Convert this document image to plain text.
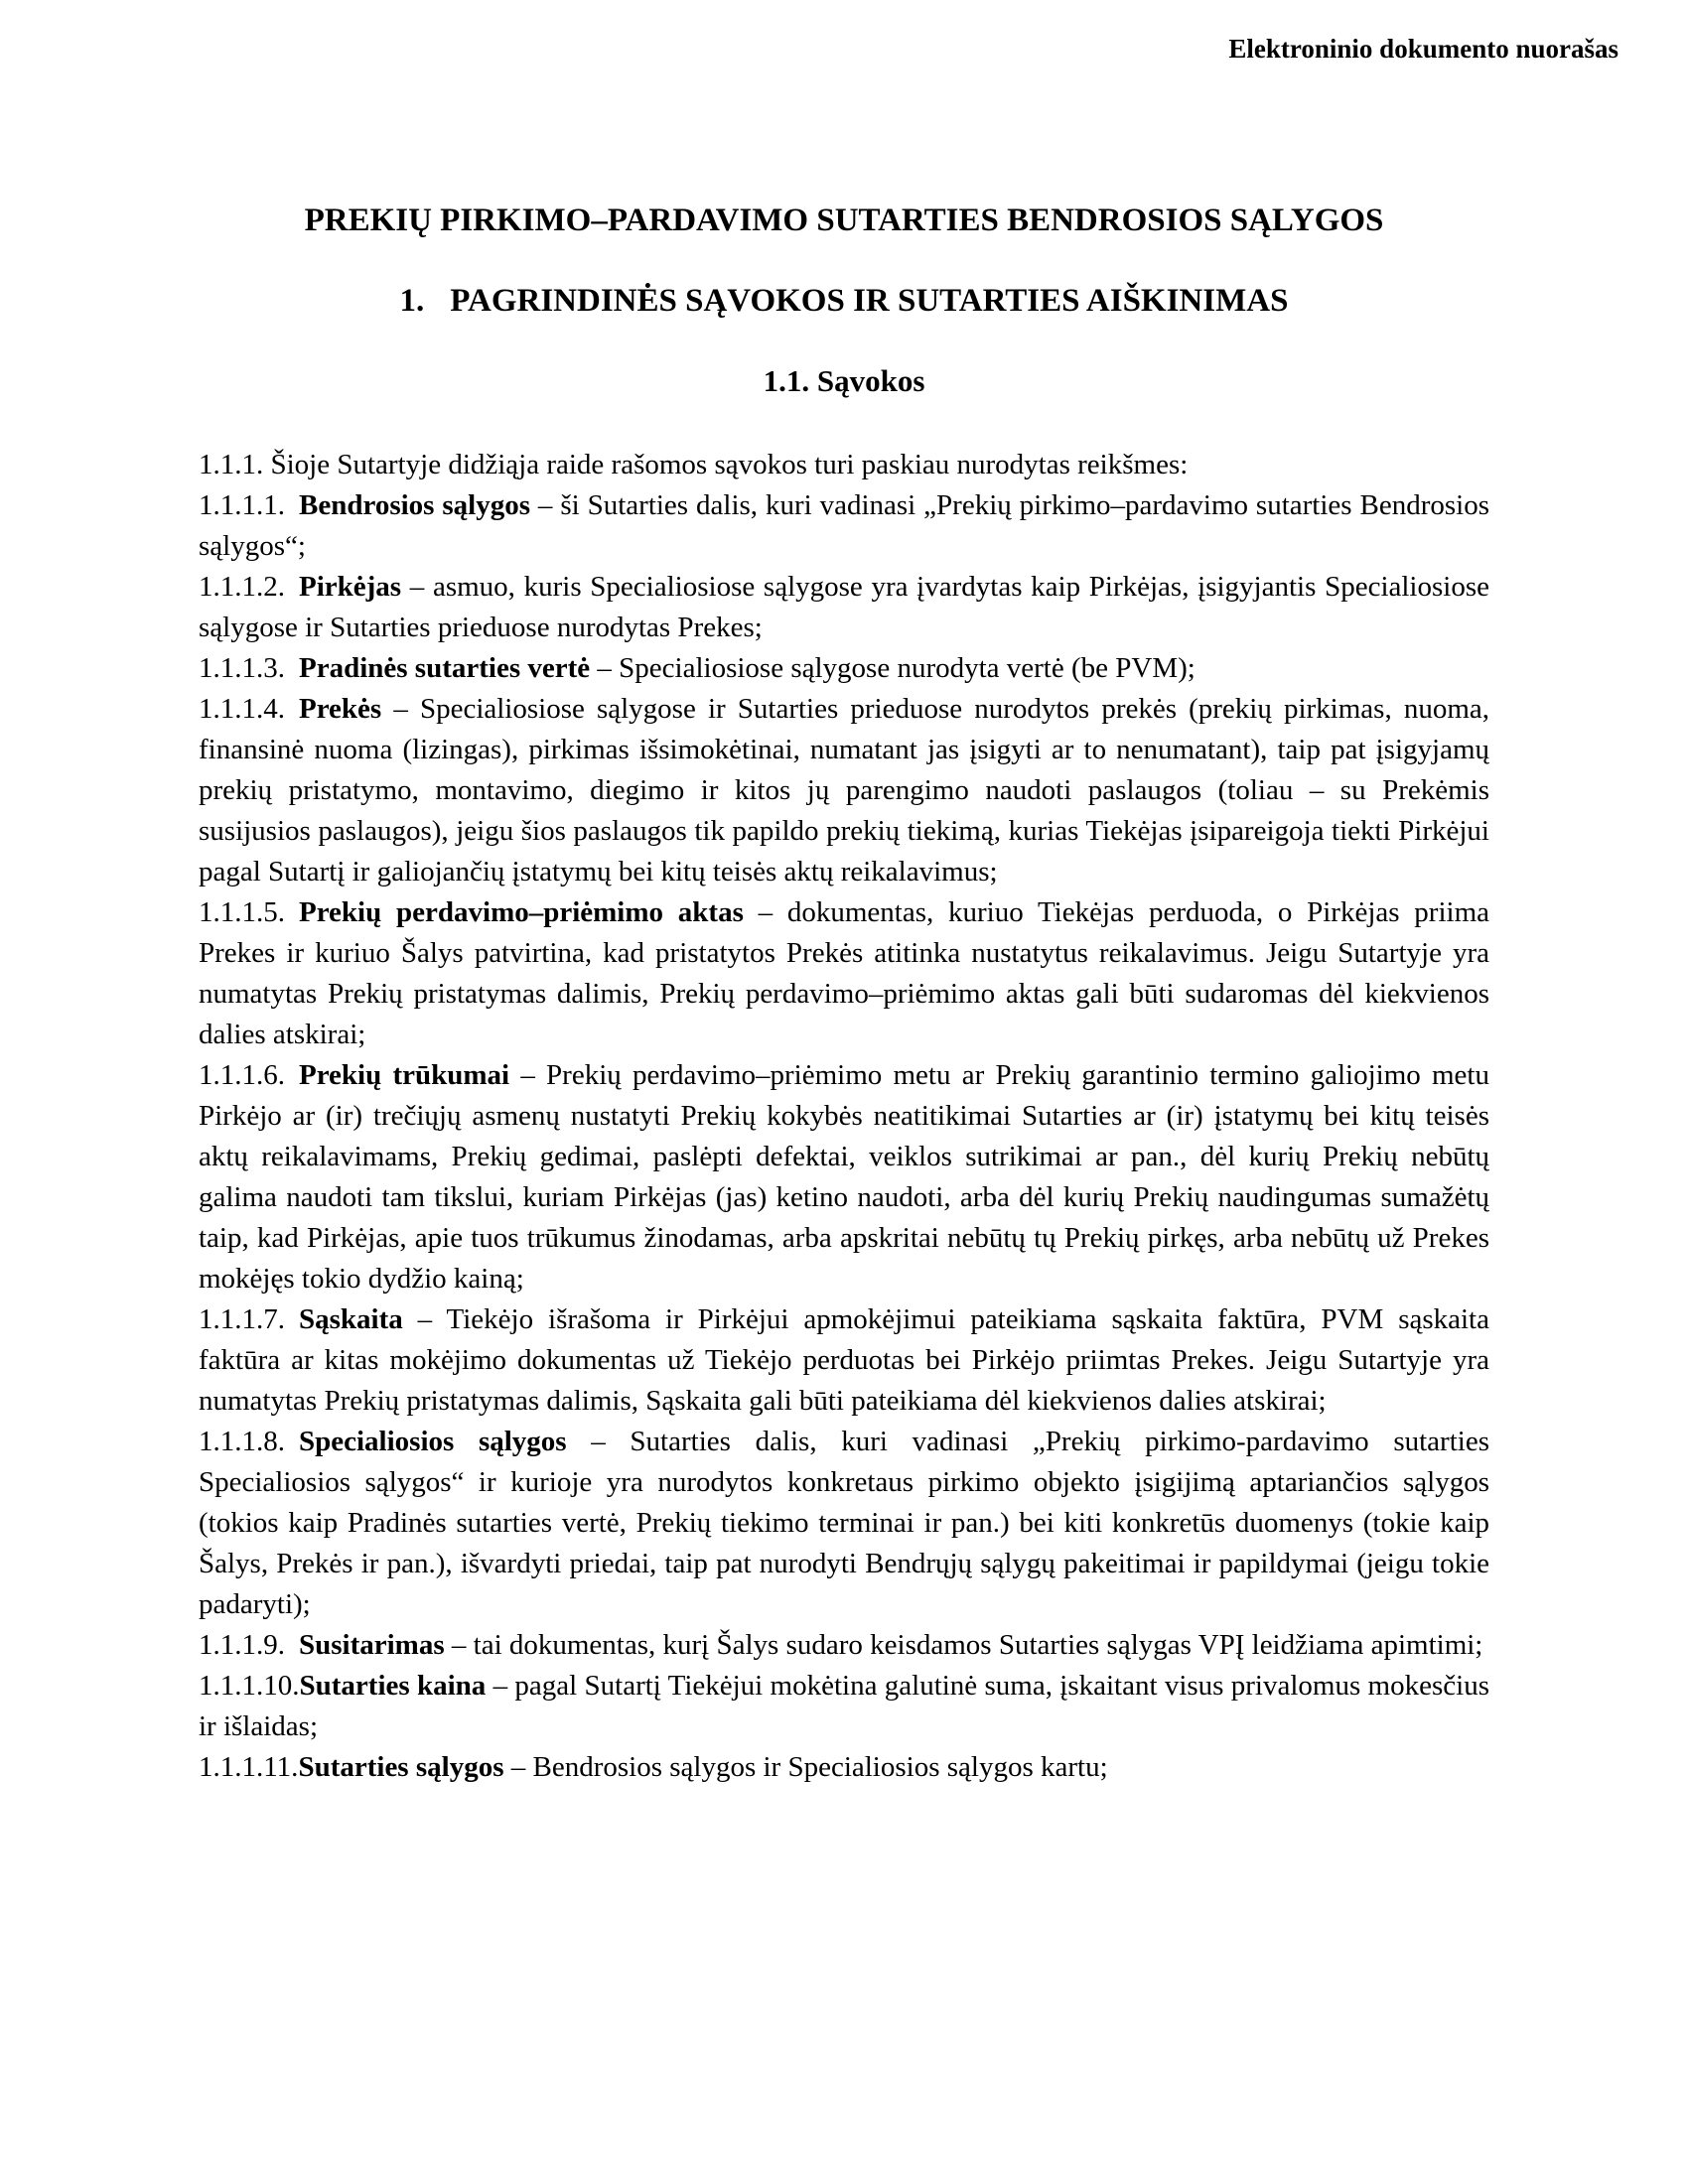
Elektroninio dokumento nuorašas
PREKIŲ PIRKIMO–PARDAVIMO SUTARTIES BENDROSIOS SĄLYGOS
1. PAGRINDINĖS SĄVOKOS IR SUTARTIES AIŠKINIMAS
1.1. Sąvokos

1.1.1. Šioje Sutartyje didžiąja raide rašomos sąvokos turi paskiau nurodytas reikšmes:

1.1.1.1. Bendrosios sąlygos – ši Sutarties dalis, kuri vadinasi „Prekių pirkimo–pardavimo sutarties Bendrosios sąlygos“;

1.1.1.2. Pirkėjas – asmuo, kuris Specialiosiose sąlygose yra įvardytas kaip Pirkėjas, įsigyjantis Specialiosiose sąlygose ir Sutarties prieduose nurodytas Prekes;

1.1.1.3. Pradinės sutarties vertė – Specialiosiose sąlygose nurodyta vertė (be PVM);

1.1.1.4. Prekės – Specialiosiose sąlygose ir Sutarties prieduose nurodytos prekės (prekių pirkimas, nuoma, finansinė nuoma (lizingas), pirkimas išsimokėtinai, numatant jas įsigyti ar to nenumatant), taip pat įsigyjamų prekių pristatymo, montavimo, diegimo ir kitos jų parengimo naudoti paslaugos (toliau – su Prekėmis susijusios paslaugos), jeigu šios paslaugos tik papildo prekių tiekimą, kurias Tiekėjas įsipareigoja tiekti Pirkėjui pagal Sutartį ir galiojančių įstatymų bei kitų teisės aktų reikalavimus;

1.1.1.5. Prekių perdavimo–priėmimo aktas – dokumentas, kuriuo Tiekėjas perduoda, o Pirkėjas priima Prekes ir kuriuo Šalys patvirtina, kad pristatytos Prekės atitinka nustatytus reikalavimus. Jeigu Sutartyje yra numatytas Prekių pristatymas dalimis, Prekių perdavimo–priėmimo aktas gali būti sudaromas dėl kiekvienos dalies atskirai;

1.1.1.6. Prekių trūkumai – Prekių perdavimo–priėmimo metu ar Prekių garantinio termino galiojimo metu Pirkėjo ar (ir) trečiųjų asmenų nustatyti Prekių kokybės neatitikimai Sutarties ar (ir) įstatymų bei kitų teisės aktų reikalavimams, Prekių gedimai, paslėpti defektai, veiklos sutrikimai ar pan., dėl kurių Prekių nebūtų galima naudoti tam tikslui, kuriam Pirkėjas (jas) ketino naudoti, arba dėl kurių Prekių naudingumas sumažėtų taip, kad Pirkėjas, apie tuos trūkumus žinodamas, arba apskritai nebūtų tų Prekių pirkęs, arba nebūtų už Prekes mokėjęs tokio dydžio kainą;

1.1.1.7. Sąskaita – Tiekėjo išrašoma ir Pirkėjui apmokėjimui pateikiama sąskaita faktūra, PVM sąskaita faktūra ar kitas mokėjimo dokumentas už Tiekėjo perduotas bei Pirkėjo priimtas Prekes. Jeigu Sutartyje yra numatytas Prekių pristatymas dalimis, Sąskaita gali būti pateikiama dėl kiekvienos dalies atskirai;

1.1.1.8. Specialiosios sąlygos – Sutarties dalis, kuri vadinasi „Prekių pirkimo-pardavimo sutarties Specialiosios sąlygos“ ir kurioje yra nurodytos konkretaus pirkimo objekto įsigijimą aptariančios sąlygos (tokios kaip Pradinės sutarties vertė, Prekių tiekimo terminai ir pan.) bei kiti konkretūs duomenys (tokie kaip Šalys, Prekės ir pan.), išvardyti priedai, taip pat nurodyti Bendrųjų sąlygų pakeitimai ir papildymai (jeigu tokie padaryti);

1.1.1.9. Susitarimas – tai dokumentas, kurį Šalys sudaro keisdamos Sutarties sąlygas VPĮ leidžiama apimtimi;

1.1.1.10.Sutarties kaina – pagal Sutartį Tiekėjui mokėtina galutinė suma, įskaitant visus privalomus mokesčius ir išlaidas;

1.1.1.11.Sutarties sąlygos – Bendrosios sąlygos ir Specialiosios sąlygos kartu;
